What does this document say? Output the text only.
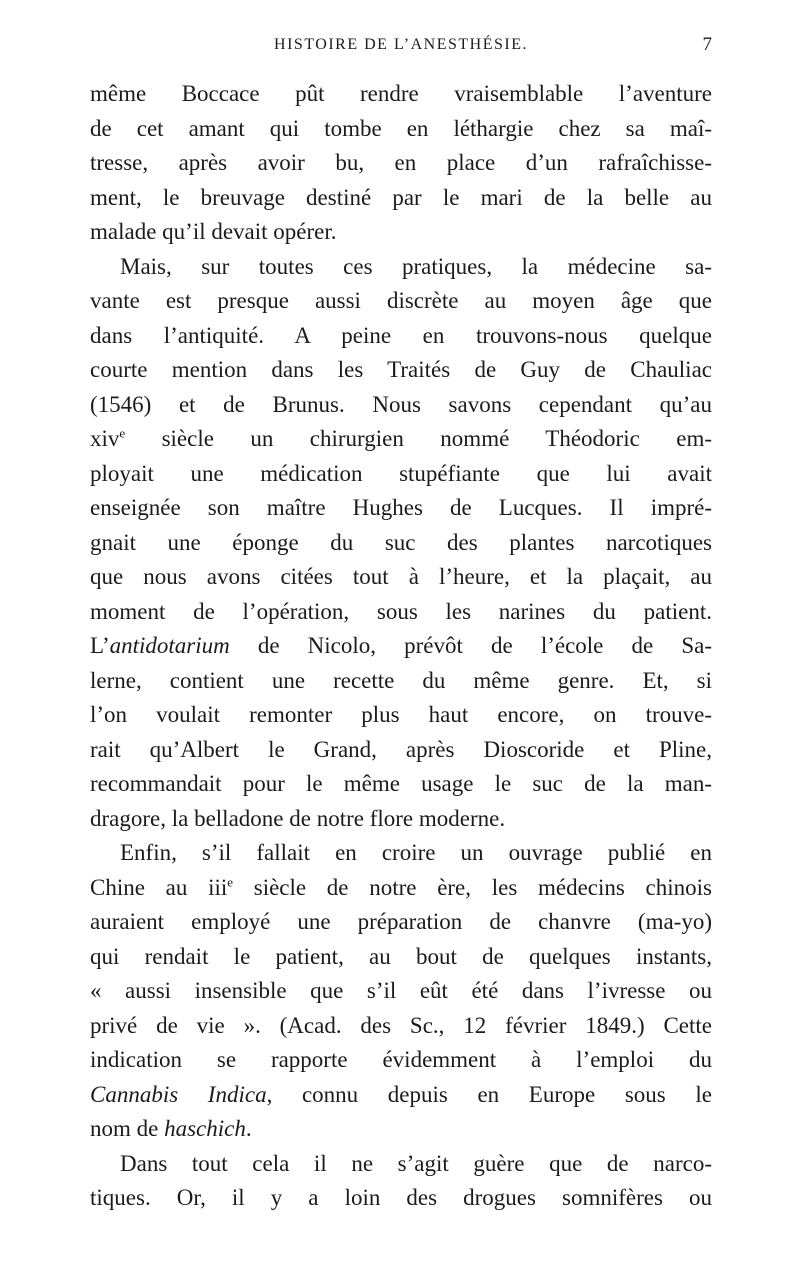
HISTOIRE DE L’ANESTHÉSIE.	7
même Boccace pût rendre vraisemblable l’aventure
de cet amant qui tombe en léthargie chez sa maî-
tresse, après avoir bu, en place d’un rafraîchisse-
ment, le breuvage destiné par le mari de la belle au
malade qu’il devait opérer.
Mais, sur toutes ces pratiques, la médecine sa-
vante est presque aussi discrète au moyen âge que
dans l’antiquité. A peine en trouvons-nous quelque
courte mention dans les Traités de Guy de Chauliac
(1546) et de Brunus. Nous savons cependant qu’au
xiv$^e$ siècle un chirurgien nommé Théodoric em-
ployait une médication stupéfiante que lui avait
enseignée son maître Hughes de Lucques. Il impré-
gnait une éponge du suc des plantes narcotiques
que nous avons citées tout à l’heure, et la plaçait, au
moment de l’opération, sous les narines du patient.
L’antidotarium de Nicolo, prévôt de l’école de Sa-
lerne, contient une recette du même genre. Et, si
l’on voulait remonter plus haut encore, on trouve-
rait qu’Albert le Grand, après Dioscoride et Pline,
recommandait pour le même usage le suc de la man-
dragore, la belladone de notre flore moderne.
Enfin, s’il fallait en croire un ouvrage publié en
Chine au iii$^e$ siècle de notre ère, les médecins chinois
auraient employé une préparation de chanvre (ma-yo)
qui rendait le patient, au bout de quelques instants,
« aussi insensible que s’il eût été dans l’ivresse ou
privé de vie ». (Acad. des Sc., 12 février 1849.) Cette
indication se rapporte évidemment à l’emploi du
Cannabis Indica, connu depuis en Europe sous le
nom de haschich.
Dans tout cela il ne s’agit guère que de narco-
tiques. Or, il y a loin des drogues somnifères ou
